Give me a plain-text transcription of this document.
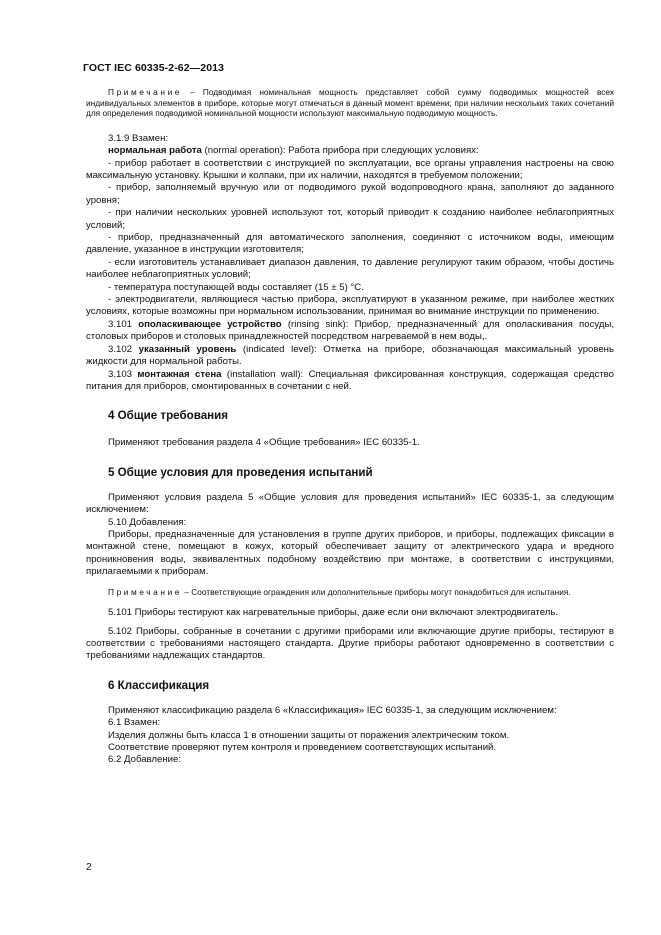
ГОСТ IEC 60335-2-62—2013

Примечание – Подводимая номинальная мощность представляет собой сумму подводимых мощностей всех индивидуальных элементов в приборе, которые могут отмечаться в данный момент времени; при наличии нескольких таких сочетаний для определения подводимой номинальной мощности используют максимальную подводимую мощность.

3.1.9 Взамен:

нормальная работа (normal operation): Работа прибора при следующих условиях:

- прибор работает в соответствии с инструкцией по эксплуатации, все органы управления настроены на свою максимальную установку. Крышки и колпаки, при их наличии, находятся в требуемом положении;

- прибор, заполняемый вручную или от подводимого рукой водопроводного крана, заполняют до заданного уровня;

- при наличии нескольких уровней используют тот, который приводит к созданию наиболее неблагоприятных условий;

- прибор, предназначенный для автоматического заполнения, соединяют с источником воды, имеющим давление, указанное в инструкции изготовителя;

- если изготовитель устанавливает диапазон давления, то давление регулируют таким образом, чтобы достичь наиболее неблагоприятных условий;

- температура поступающей воды составляет (15 ± 5) °С.

- электродвигатели, являющиеся частью прибора, эксплуатируют в указанном режиме, при наиболее жестких условиях, которые возможны при нормальном использовании, принимая во внимание инструкции по применению.

3.101 ополаскивающее устройство (rinsing sink): Прибор, предназначенный для ополаскивания посуды, столовых приборов и столовых принадлежностей посредством нагреваемой в нем воды,.

3.102 указанный уровень (indicated level): Отметка на приборе, обозначающая максимальный уровень жидкости для нормальной работы.

3.103 монтажная стена (installation wall): Специальная фиксированная конструкция, содержащая средство питания для приборов, смонтированных в сочетании с ней.

4 Общие требования

Применяют требования раздела 4 «Общие требования» IEC 60335-1.

5 Общие условия для проведения испытаний

Применяют условия раздела 5 «Общие условия для проведения испытаний» IEC 60335-1, за следующим исключением:

5.10 Добавления:

Приборы, предназначенные для установления в группе других приборов, и приборы, подлежащих фиксации в монтажной стене, помещают в кожух, который обеспечивает защиту от электрического удара и вредного проникновения воды, эквивалентных подобному воздействию при монтаже, в соответствии с инструкциями, прилагаемыми к приборам.

Примечание – Соответствующие ограждения или дополнительные приборы могут понадобиться для испытания.

5.101 Приборы тестируют как нагревательные приборы, даже если они включают электродвигатель.

5.102 Приборы, собранные в сочетании с другими приборами или включающие другие приборы, тестируют в соответствии с требованиями настоящего стандарта. Другие приборы работают одновременно в соответствии с требованиями надлежащих стандартов.

6 Классификация

Применяют классификацию раздела 6 «Классификация» IEC 60335-1, за следующим исключением:

6.1 Взамен:

Изделия должны быть класса 1 в отношении защиты от поражения электрическим током.

Соответствие проверяют путем контроля и проведением соответствующих испытаний.

6.2 Добавление:

2
